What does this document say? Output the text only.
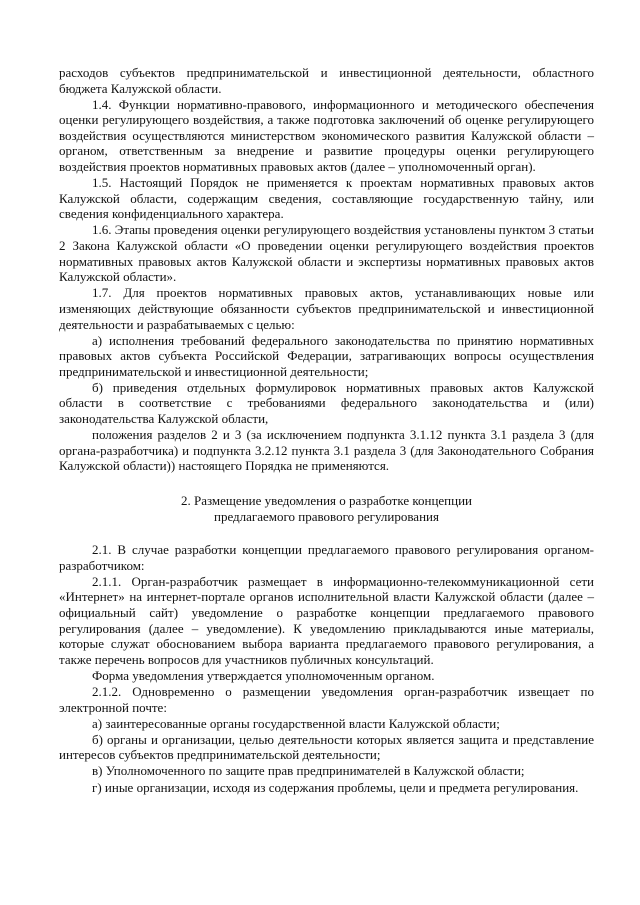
расходов субъектов предпринимательской и инвестиционной деятельности, областного бюджета Калужской области.

1.4. Функции нормативно-правового, информационного и методического обеспечения оценки регулирующего воздействия, а также подготовка заключений об оценке регулирующего воздействия осуществляются министерством экономического развития Калужской области – органом, ответственным за внедрение и развитие процедуры оценки регулирующего воздействия проектов нормативных правовых актов (далее – уполномоченный орган).

1.5. Настоящий Порядок не применяется к проектам нормативных правовых актов Калужской области, содержащим сведения, составляющие государственную тайну, или сведения конфиденциального характера.

1.6. Этапы проведения оценки регулирующего воздействия установлены пунктом 3 статьи 2 Закона Калужской области «О проведении оценки регулирующего воздействия проектов нормативных правовых актов Калужской области и экспертизы нормативных правовых актов Калужской области».

1.7. Для проектов нормативных правовых актов, устанавливающих новые или изменяющих действующие обязанности субъектов предпринимательской и инвестиционной деятельности и разрабатываемых с целью:

а) исполнения требований федерального законодательства по принятию нормативных правовых актов субъекта Российской Федерации, затрагивающих вопросы осуществления предпринимательской и инвестиционной деятельности;

б) приведения отдельных формулировок нормативных правовых актов Калужской области в соответствие с требованиями федерального законодательства и (или) законодательства Калужской области,

положения разделов 2 и 3 (за исключением подпункта 3.1.12 пункта 3.1 раздела 3 (для органа-разработчика) и подпункта 3.2.12 пункта 3.1 раздела 3 (для Законодательного Собрания Калужской области)) настоящего Порядка не применяются.

2. Размещение уведомления о разработке концепции
предлагаемого правового регулирования

2.1. В случае разработки концепции предлагаемого правового регулирования органом-разработчиком:

2.1.1. Орган-разработчик размещает в информационно-телекоммуникационной сети «Интернет» на интернет-портале органов исполнительной власти Калужской области (далее – официальный сайт) уведомление о разработке концепции предлагаемого правового регулирования (далее – уведомление). К уведомлению прикладываются иные материалы, которые служат обоснованием выбора варианта предлагаемого правового регулирования, а также перечень вопросов для участников публичных консультаций.

Форма уведомления утверждается уполномоченным органом.

2.1.2. Одновременно о размещении уведомления орган-разработчик извещает по электронной почте:

а) заинтересованные органы государственной власти Калужской области;

б) органы и организации, целью деятельности которых является защита и представление интересов субъектов предпринимательской деятельности;

в) Уполномоченного по защите прав предпринимателей в Калужской области;

г) иные организации, исходя из содержания проблемы, цели и предмета регулирования.
